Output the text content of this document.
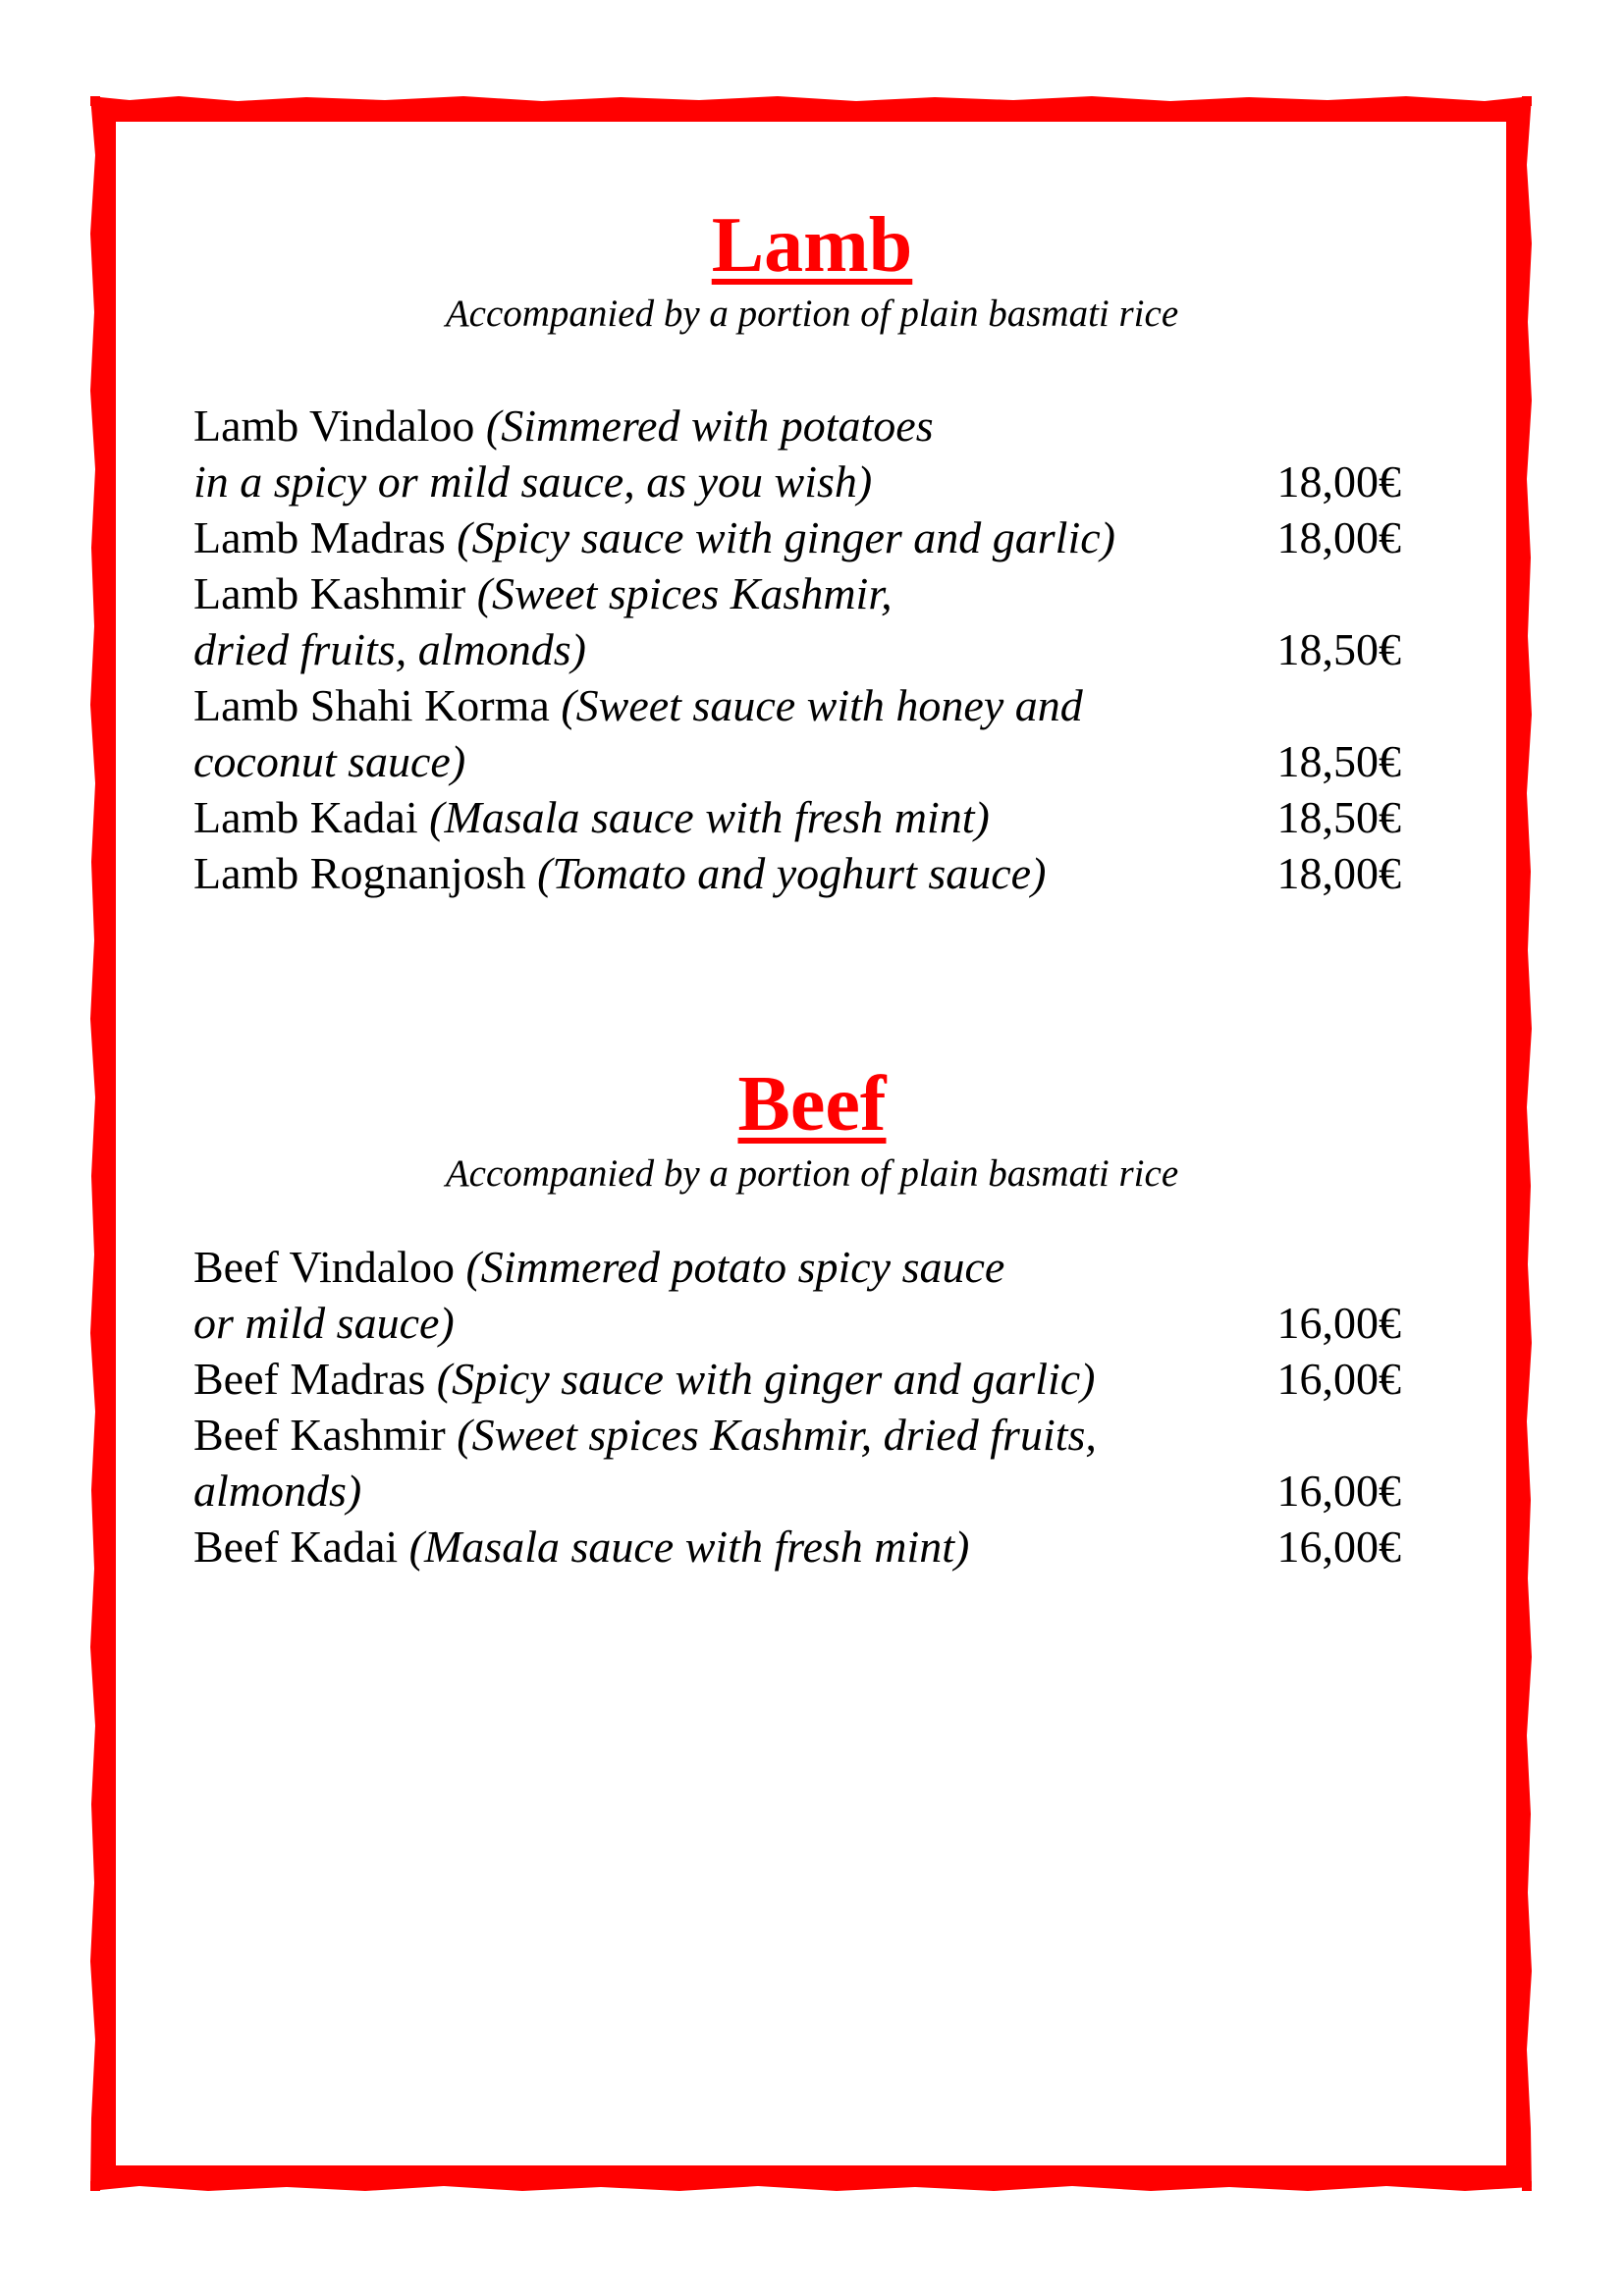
Lamb
Accompanied by a portion of plain basmati rice
Lamb Vindaloo (Simmered with potatoes
in a spicy or mild sauce, as you wish)	18,00€
Lamb Madras (Spicy sauce with ginger and garlic)	18,00€
Lamb Kashmir (Sweet spices Kashmir,
dried fruits, almonds)	18,50€
Lamb Shahi Korma (Sweet sauce with honey and
coconut sauce)	18,50€
Lamb Kadai (Masala sauce with fresh mint)	18,50€
Lamb Rognanjosh (Tomato and yoghurt sauce)	18,00€
Beef
Accompanied by a portion of plain basmati rice
Beef Vindaloo (Simmered potato spicy sauce
or mild sauce)	16,00€
Beef Madras (Spicy sauce with ginger and garlic)	16,00€
Beef Kashmir (Sweet spices Kashmir, dried fruits,
almonds)	16,00€
Beef Kadai (Masala sauce with fresh mint)	16,00€
